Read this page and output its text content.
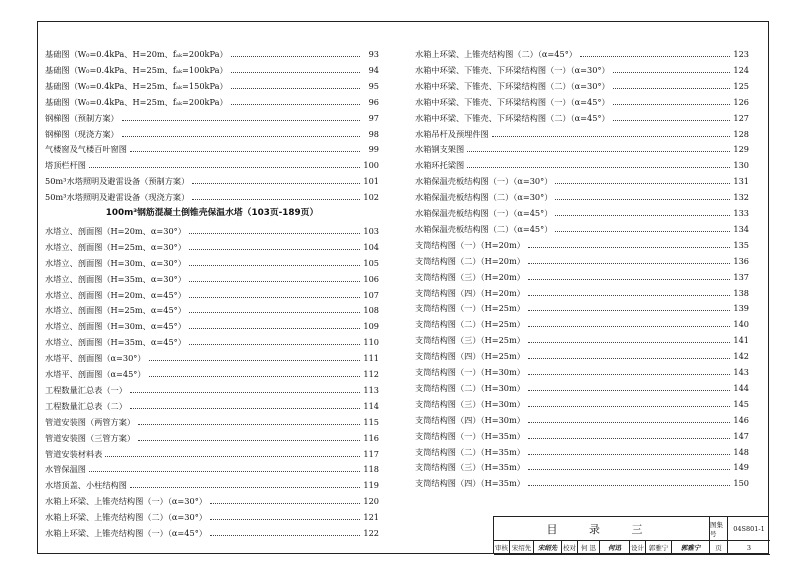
基础图（W₀=0.4kPa、H=20m、fₐₖ=200kPa）	93
基础图（W₀=0.4kPa、H=25m、fₐₖ=100kPa）	94
基础图（W₀=0.4kPa、H=25m、fₐₖ=150kPa）	95
基础图（W₀=0.4kPa、H=25m、fₐₖ=200kPa）	96
钢梯图（预制方案）	97
钢梯图（现浇方案）	98
气楼窗及气楼百叶窗图	99
塔顶栏杆图	100
50m³水塔照明及避雷设备（预制方案）	101
50m³水塔照明及避雷设备（现浇方案）	102
100m³钢筋混凝土倒锥壳保温水塔（103页-189页）
水塔立、剖面图（H=20m、α=30°）	103
水塔立、剖面图（H=25m、α=30°）	104
水塔立、剖面图（H=30m、α=30°）	105
水塔立、剖面图（H=35m、α=30°）	106
水塔立、剖面图（H=20m、α=45°）	107
水塔立、剖面图（H=25m、α=45°）	108
水塔立、剖面图（H=30m、α=45°）	109
水塔立、剖面图（H=35m、α=45°）	110
水塔平、剖面图（α=30°）	111
水塔平、剖面图（α=45°）	112
工程数量汇总表（一）	113
工程数量汇总表（二）	114
管道安装图（两管方案）	115
管道安装图（三管方案）	116
管道安装材料表	117
水管保温图	118
水塔顶盖、小柱结构图	119
水箱上环梁、上锥壳结构图（一）（α=30°）	120
水箱上环梁、上锥壳结构图（二）（α=30°）	121
水箱上环梁、上锥壳结构图（一）（α=45°）	122
水箱上环梁、上锥壳结构图（二）（α=45°）	123
水箱中环梁、下锥壳、下环梁结构图（一）（α=30°）	124
水箱中环梁、下锥壳、下环梁结构图（二）（α=30°）	125
水箱中环梁、下锥壳、下环梁结构图（一）（α=45°）	126
水箱中环梁、下锥壳、下环梁结构图（二）（α=45°）	127
水箱吊杆及预埋件图	128
水箱钢支架图	129
水箱环托梁图	130
水箱保温壳板结构图（一）（α=30°）	131
水箱保温壳板结构图（二）（α=30°）	132
水箱保温壳板结构图（一）（α=45°）	133
水箱保温壳板结构图（二）（α=45°）	134
支筒结构图（一）（H=20m）	135
支筒结构图（二）（H=20m）	136
支筒结构图（三）（H=20m）	137
支筒结构图（四）（H=20m）	138
支筒结构图（一）（H=25m）	139
支筒结构图（二）（H=25m）	140
支筒结构图（三）（H=25m）	141
支筒结构图（四）（H=25m）	142
支筒结构图（一）（H=30m）	143
支筒结构图（二）（H=30m）	144
支筒结构图（三）（H=30m）	145
支筒结构图（四）（H=30m）	146
支筒结构图（一）（H=35m）	147
支筒结构图（二）（H=35m）	148
支筒结构图（三）（H=35m）	149
支筒结构图（四）（H=35m）	150
目 录 三	图集号
04S801-1
审核 宋绍先	宋绍先 校对 何 迅	何迅	设计 郭雅宁	郭雅宁	页	3
